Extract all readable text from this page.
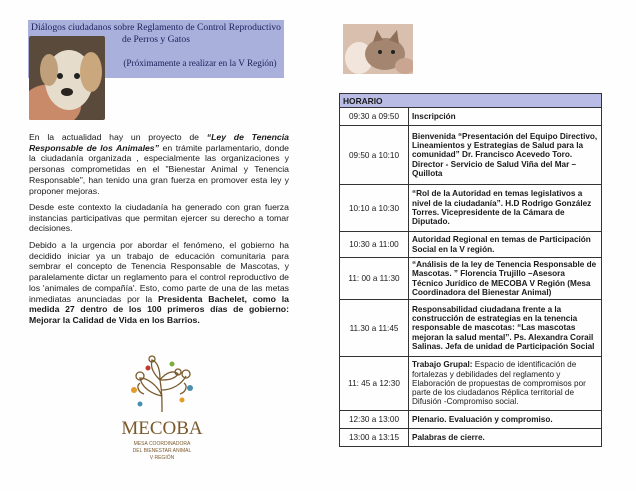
Diálogos ciudadanos sobre Reglamento de Control Reproductivo de Perros y Gatos
(Próximamente a realizar en la V Región)
En la actualidad hay un proyecto de “Ley de Tenencia Responsable de los Animales” en trámite parlamentario, donde la ciudadanía organizada , especialmente las organizaciones y personas comprometidas en el "Bienestar Animal y Tenencia Responsable", han tenido una gran fuerza en promover esta ley y proponer mejoras.
Desde este contexto la ciudadanía ha generado con gran fuerza instancias participativas que permitan ejercer su derecho a tomar decisiones.
Debido a la urgencia por abordar el fenómeno, el gobierno ha decidido iniciar ya un trabajo de educación comunitaria para sembrar el concepto de Tenencia Responsable de Mascotas, y paralelamente dictar un reglamento para el control reproductivo de los 'animales de compañía'. Esto, como parte de una de las metas inmediatas anunciadas por la Presidenta Bachelet, como la medida 27 dentro de los 100 primeros días de gobierno: Mejorar la Calidad de Vida en los Barrios.
MECOBA
MESA COORDINADORA
DEL BIENESTAR ANIMAL
V REGIÓN
HORARIO	
09:30 a 09:50	Inscripción
09:50 a 10:10	Bienvenida “Presentación del Equipo Directivo, Lineamientos y Estrategias de Salud para la comunidad” Dr. Francisco Acevedo Toro. Director - Servicio de Salud Viña del Mar – Quillota
10:10 a 10:30	“Rol de la Autoridad en temas legislativos a nivel de la ciudadanía”. H.D Rodrigo González Torres. Vicepresidente de la Cámara de Diputado.
10:30 a 11:00	Autoridad Regional en temas de Participación Social en la V región.
11: 00 a 11:30	“Análisis de la ley de Tenencia Responsable de Mascotas. ” Florencia Trujillo –Asesora Técnico Jurídico de MECOBA V Región (Mesa Coordinadora del Bienestar Animal)
11.30 a 11:45	Responsabilidad ciudadana frente a la construcción de estrategias en la tenencia responsable de mascotas: “Las mascotas mejoran la salud mental”. Ps. Alexandra Corail Salinas. Jefa de unidad de Participación Social
11: 45 a 12:30	Trabajo Grupal: Espacio de identificación de fortalezas y debilidades del reglamento y Elaboración de propuestas de compromisos por parte de los ciudadanos Réplica territorial de Difusión -Compromiso social.
12:30 a 13:00	Plenario. Evaluación y compromiso.
13:00 a 13:15	Palabras de cierre.
